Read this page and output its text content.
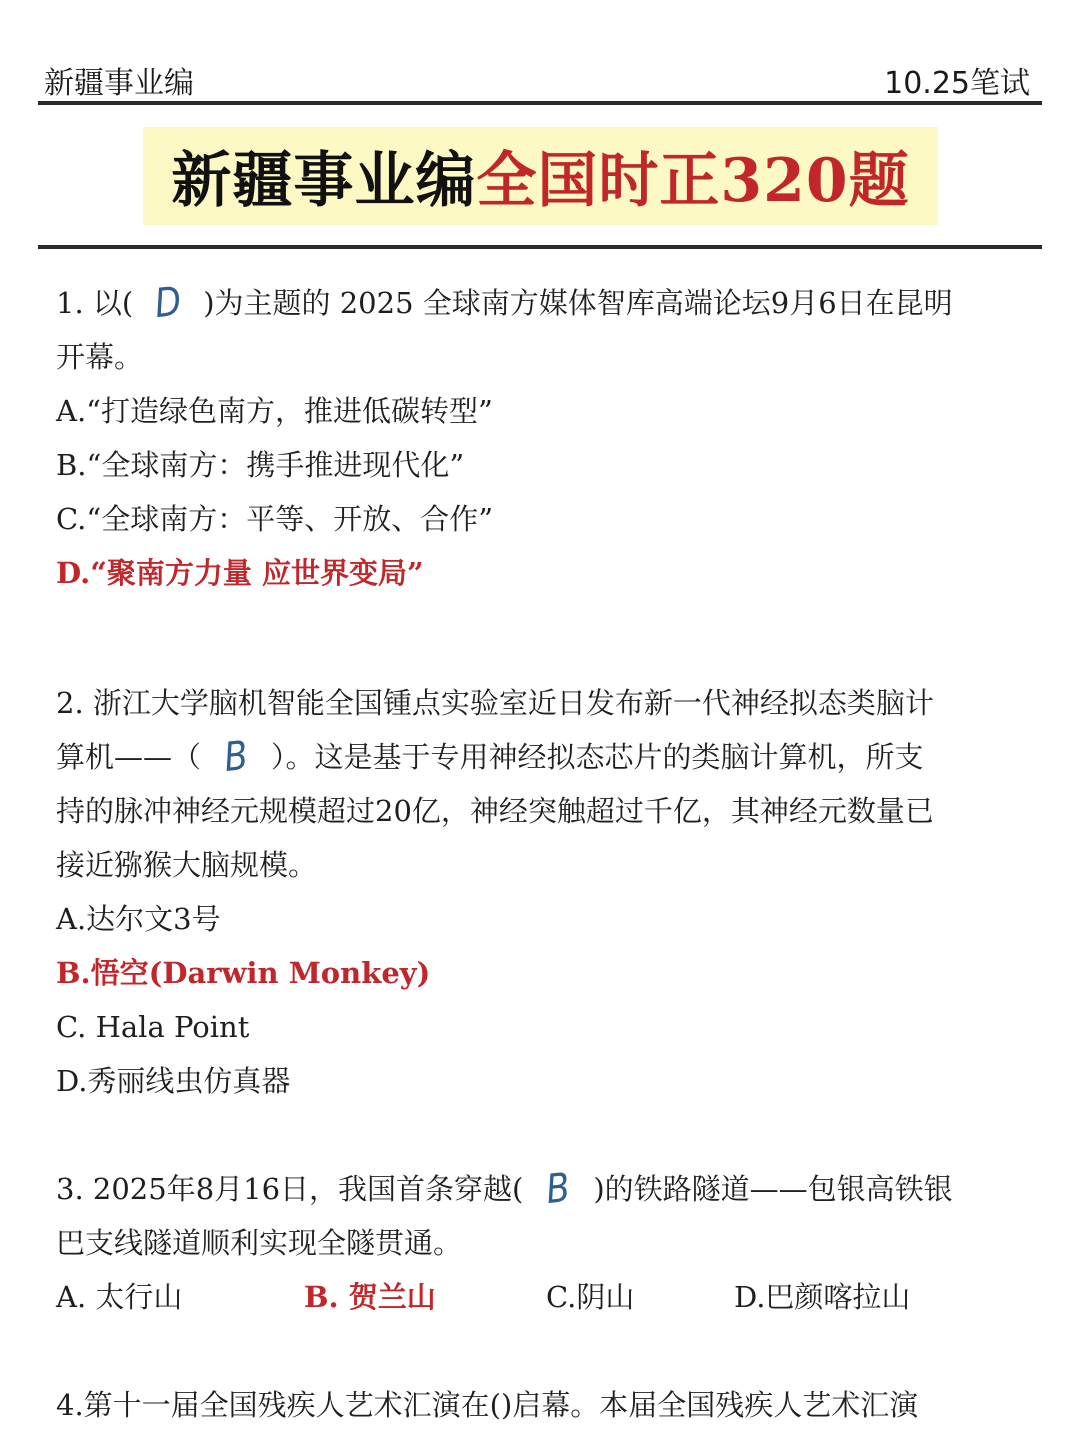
新疆事业编	10.25笔试
新疆事业编 全国时正320题
1. 以( D )为主题的 2025 全球南方媒体智库高端论坛9月6日在昆明
开幕。
A.“打造绿色南方，推进低碳转型”
B.“全球南方：携手推进现代化”
C.“全球南方：平等、开放、合作”
D.“聚南方力量 应世界变局”
2. 浙江大学脑机智能全国锺点实验室近日发布新一代神经拟态类脑计
算机——（ B ）。这是基于专用神经拟态芯片的类脑计算机，所支
持的脉冲神经元规模超过20亿，神经突触超过千亿，其神经元数量已
接近猕猴大脑规模。
A.达尔文3号
B.悟空(Darwin Monkey)
C. Hala Point
D.秀丽线虫仿真器
3. 2025年8月16日，我国首条穿越( B )的铁路隧道——包银高铁银
巴支线隧道顺利实现全隧贯通。
A. 太行山	B. 贺兰山	C.阴山	D.巴颜喀拉山
4.第十一届全国残疾人艺术汇演在()启幕。本届全国残疾人艺术汇演
